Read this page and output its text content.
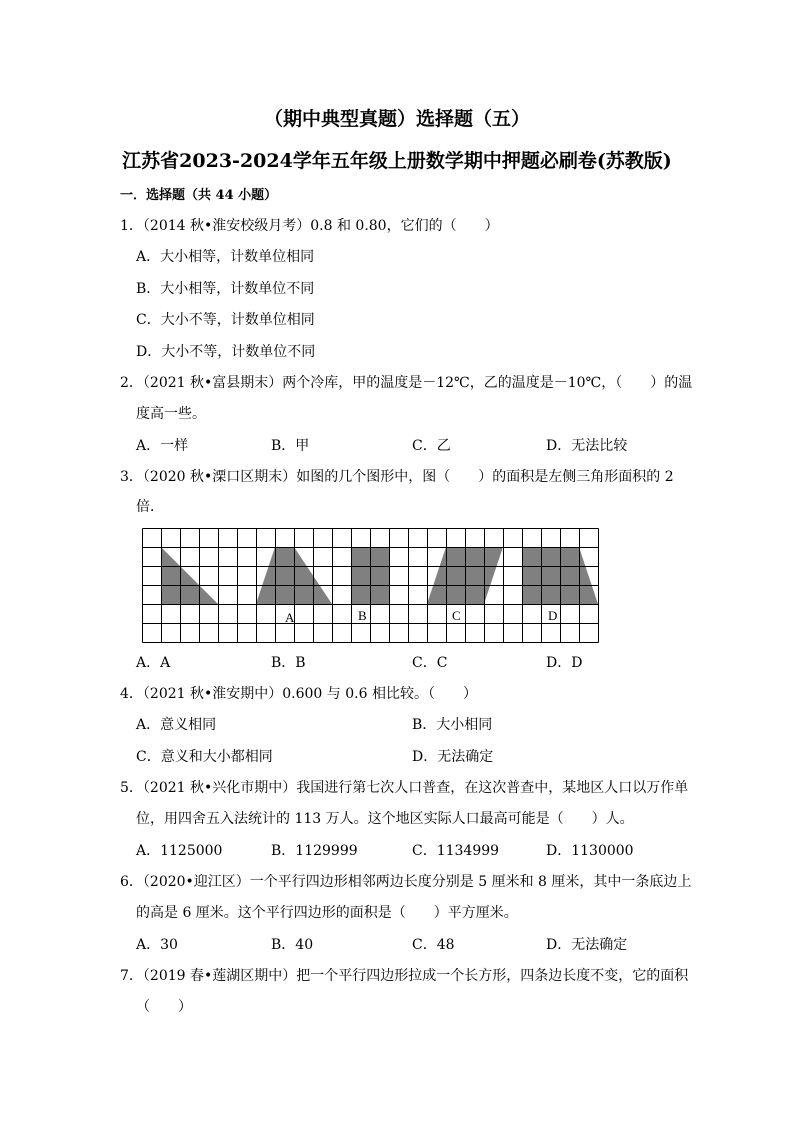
（期中典型真题）选择题（五）
江苏省2023-2024学年五年级上册数学期中押题必刷卷(苏教版)
一．选择题（共 44 小题）
1．（2014 秋•淮安校级月考）0.8 和 0.80，它们的（　　）
A．大小相等，计数单位相同
B．大小相等，计数单位不同
C．大小不等，计数单位相同
D．大小不等，计数单位不同
2．（2021 秋•富县期末）两个冷库，甲的温度是－12℃，乙的温度是－10℃，（　　）的温
度高一些。
A．一样	B．甲	C．乙	D．无法比较
3．（2020 秋•溧口区期末）如图的几个图形中，图（　　）的面积是左侧三角形面积的 2
倍．
A	B	C	D
A．A	B．B	C．C	D．D
4．（2021 秋•淮安期中）0.600 与 0.6 相比较。（　　）
A．意义相同	B．大小相同
C．意义和大小都相同	D．无法确定
5．（2021 秋•兴化市期中）我国进行第七次人口普查，在这次普查中，某地区人口以万作单
位，用四舍五入法统计的 113 万人。这个地区实际人口最高可能是（　　）人。
A．1125000	B．1129999	C．1134999	D．1130000
6．（2020•迎江区）一个平行四边形相邻两边长度分别是 5 厘米和 8 厘米，其中一条底边上
的高是 6 厘米。这个平行四边形的面积是（　　）平方厘米。
A．30	B．40	C．48	D．无法确定
7．（2019 春•莲湖区期中）把一个平行四边形拉成一个长方形，四条边长度不变，它的面积
（　　）
